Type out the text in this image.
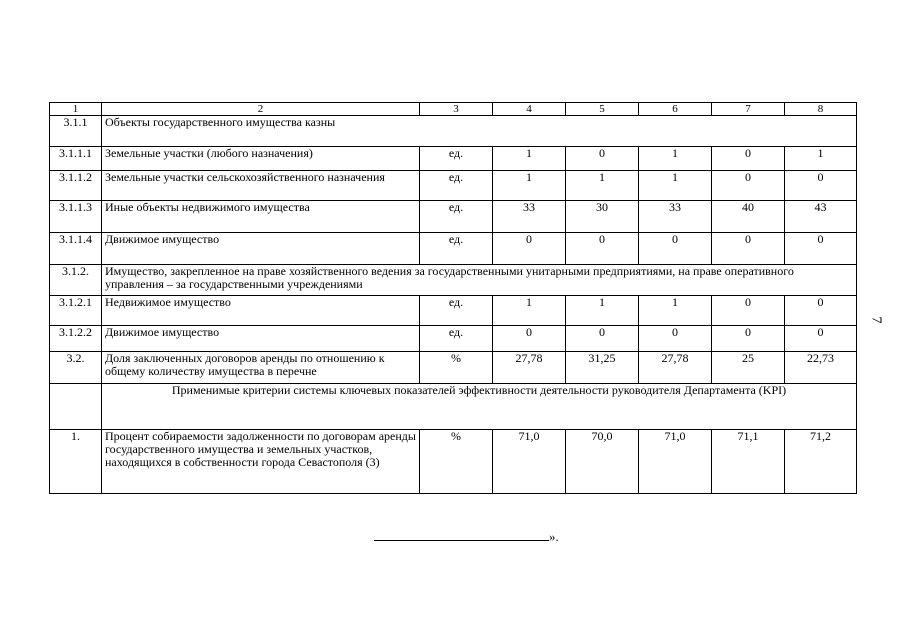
1	2	3	4	5	6	7	8
3.1.1	Объекты государственного имущества казны						
3.1.1.1	Земельные участки (любого назначения)	ед.	1	0	1	0	1
3.1.1.2	Земельные участки сельскохозяйственного назначения	ед.	1	1	1	0	0
3.1.1.3	Иные объекты недвижимого имущества	ед.	33	30	33	40	43
3.1.1.4	Движимое имущество	ед.	0	0	0	0	0
3.1.2.	Имущество, закрепленное на праве хозяйственного ведения за государственными унитарными предприятиями, на праве оперативного управления – за государственными учреждениями						
3.1.2.1	Недвижимое имущество	ед.	1	1	1	0	0
3.1.2.2	Движимое имущество	ед.	0	0	0	0	0
3.2.	Доля заключенных договоров аренды по отношению к общему количеству имущества в перечне	%	27,78	31,25	27,78	25	22,73
	Применимые критерии системы ключевых показателей эффективности деятельности руководителя Департамента (KPI)						
1.	Процент собираемости задолженности по договорам аренды государственного имущества и земельных участков, находящихся в собственности города Севастополя (3)	%	71,0	70,0	71,0	71,1	71,2
».
7
